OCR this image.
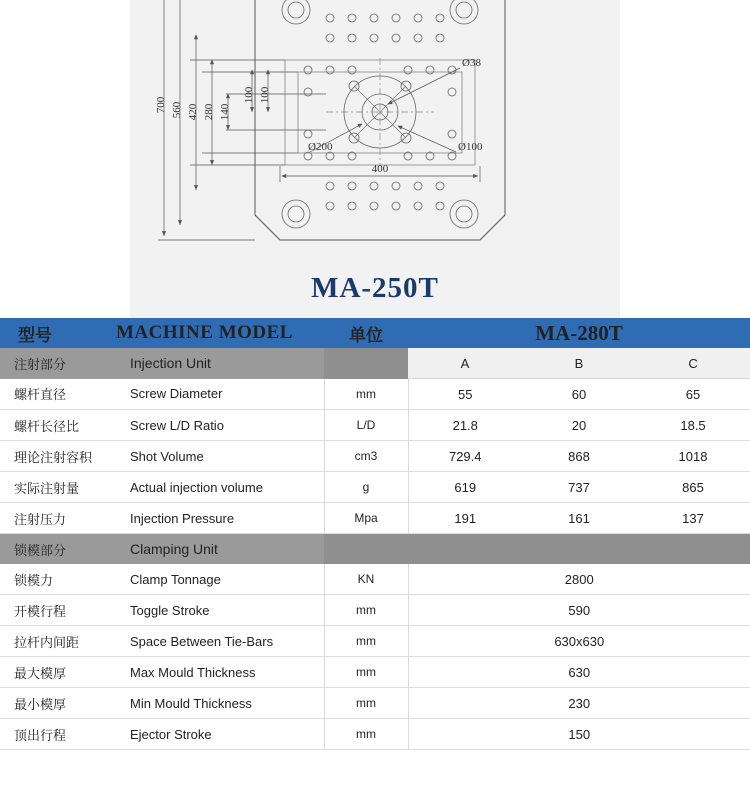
700 560 420 280 140
100 100
Ø38
Ø200	Ø100
400
MA-250T
型号	MACHINE MODEL	单位	MA-280T		
注射部分	Injection Unit		A	B	C
螺杆直径	Screw Diameter	mm	55	60	65
螺杆长径比	Screw L/D Ratio	L/D	21.8	20	18.5
理论注射容积	Shot Volume	cm3	729.4	868	1018
实际注射量	Actual injection volume	g	619	737	865
注射压力	Injection Pressure	Mpa	191	161	137
锁模部分	Clamping Unit				
锁模力	Clamp Tonnage	KN	2800		
开模行程	Toggle Stroke	mm	590		
拉杆内间距	Space Between Tie-Bars	mm	630x630		
最大模厚	Max Mould Thickness	mm	630		
最小模厚	Min Mould Thickness	mm	230		
顶出行程	Ejector Stroke	mm	150		
